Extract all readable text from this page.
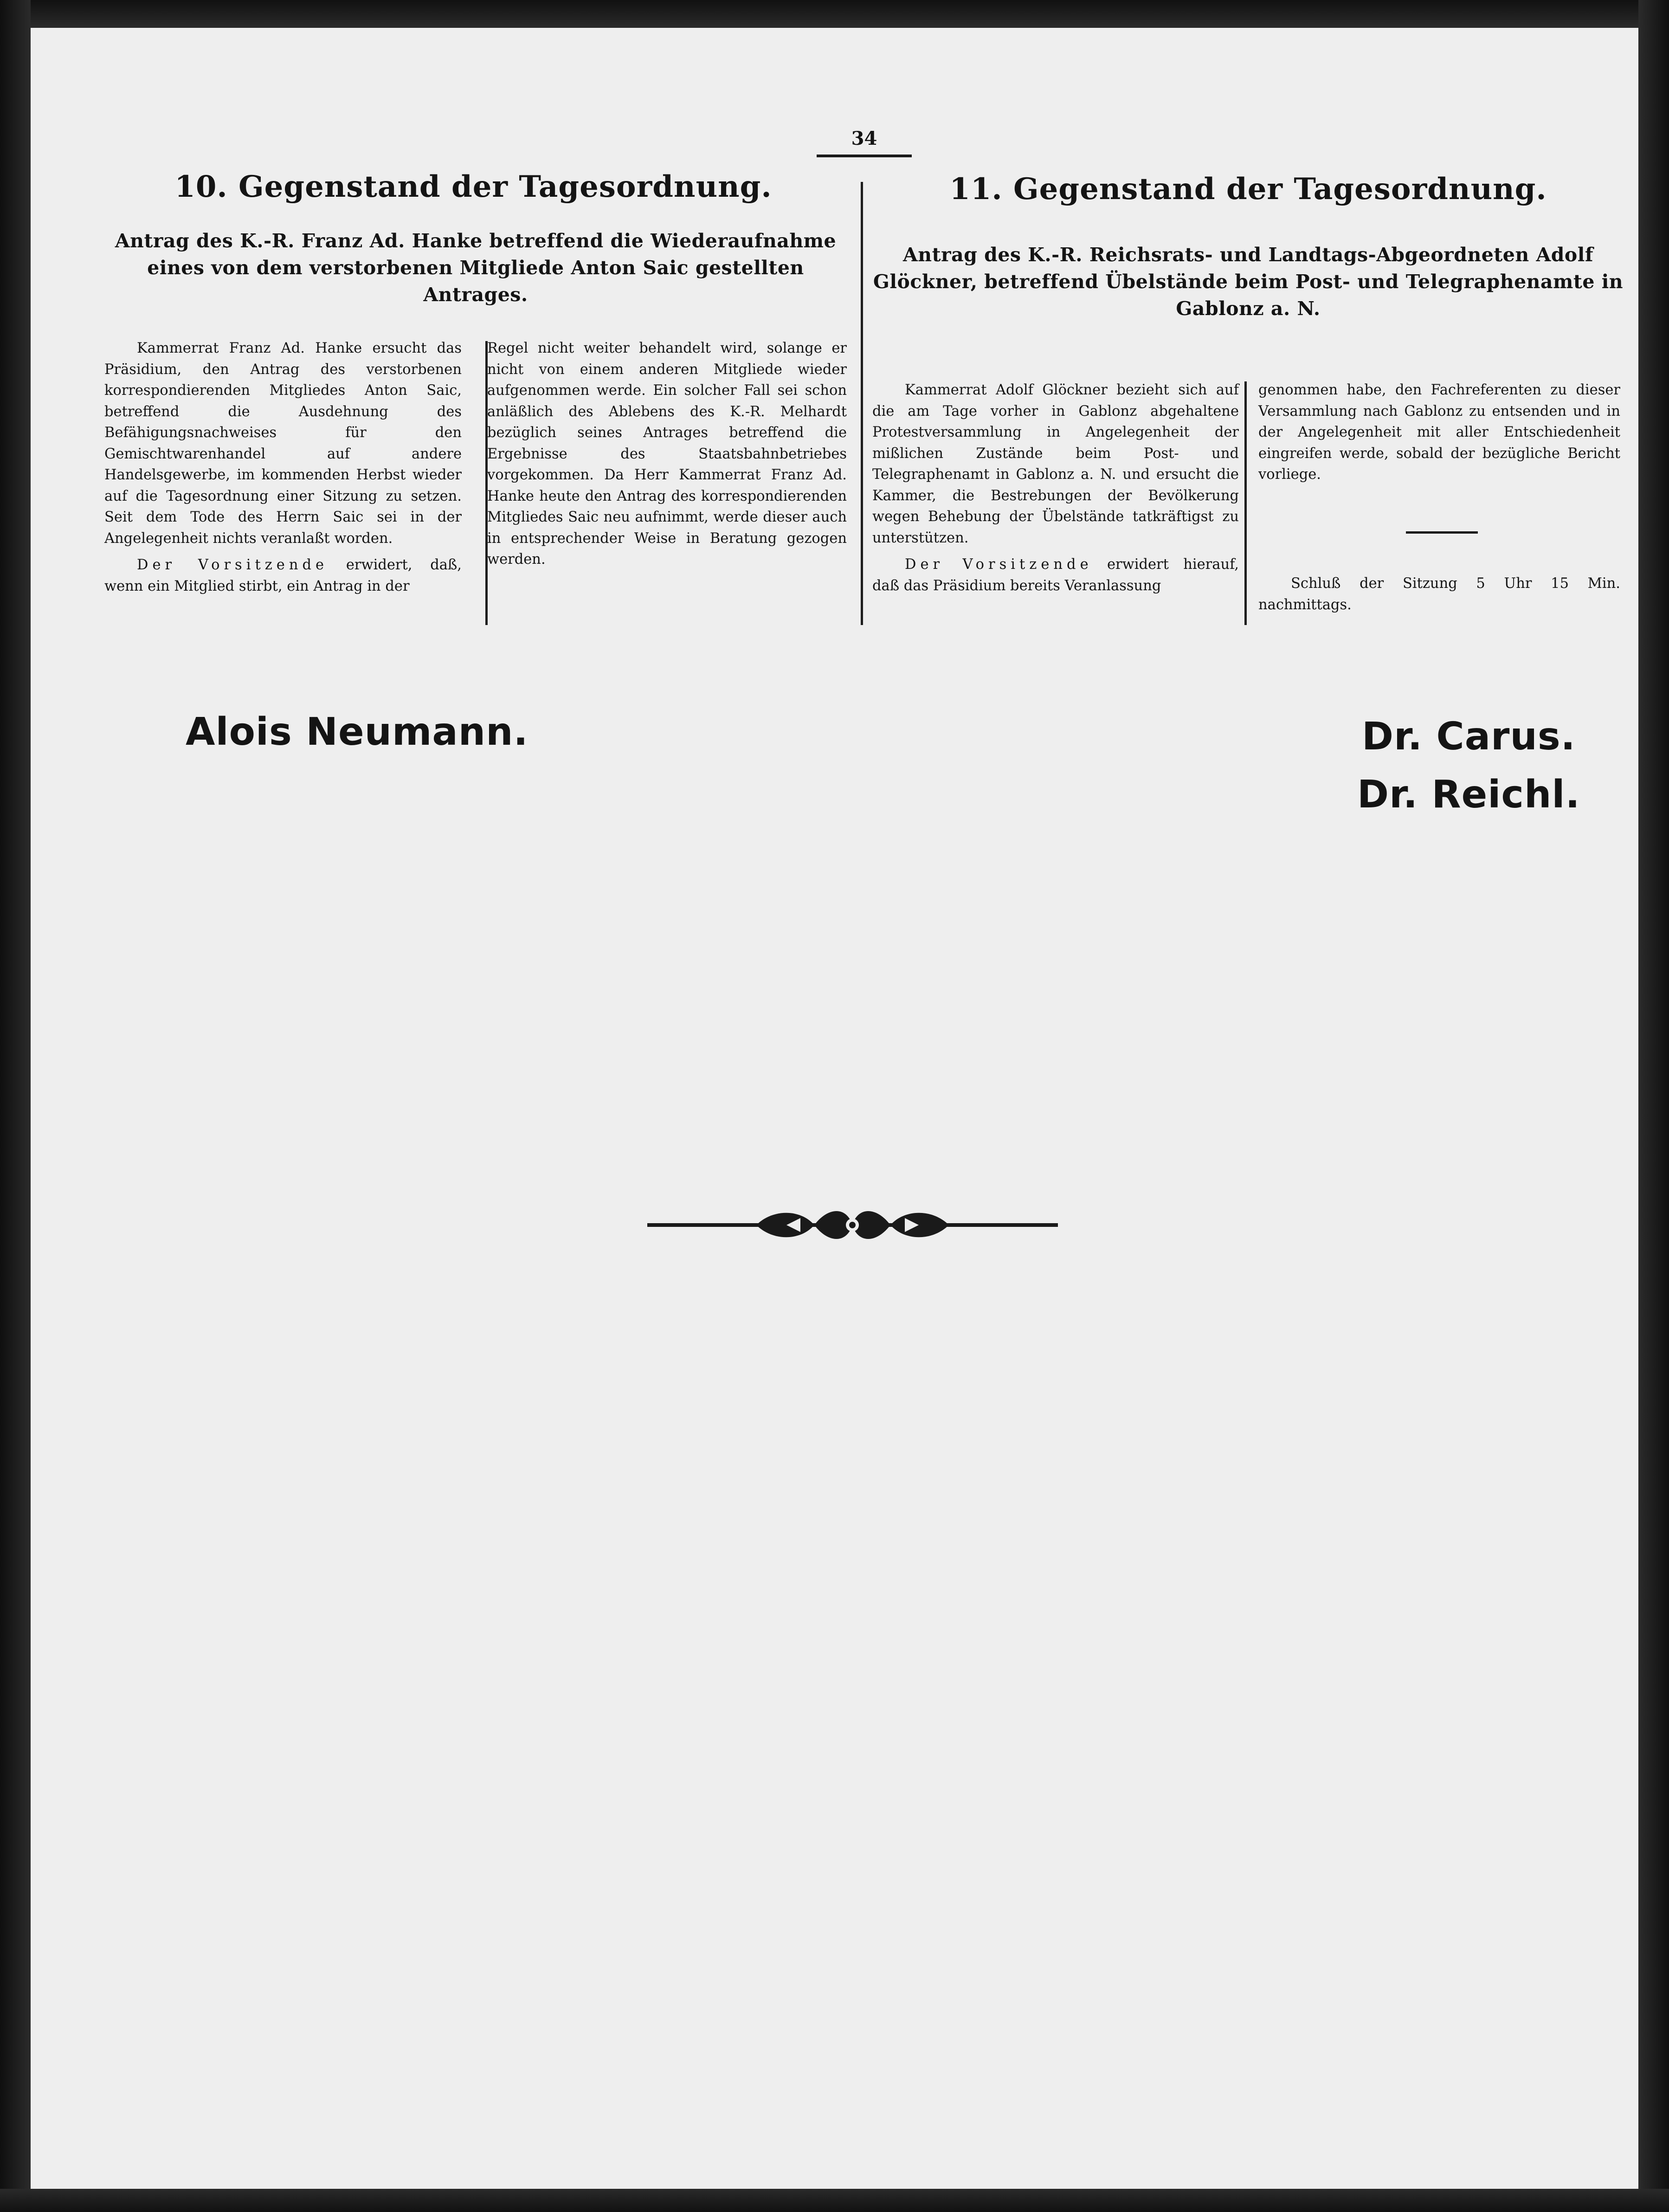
34
10. Gegenstand der Tagesordnung.
Antrag des K.-R. Franz Ad. Hanke betreffend die Wiederaufnahme eines von dem verstorbenen Mitgliede Anton Saic gestellten Antrages.

Kammerrat Franz Ad. Hanke ersucht das Präsidium, den Antrag des verstorbenen korrespondierenden Mitgliedes Anton Saic, betreffend die Ausdehnung des Befähigungsnachweises für den Gemischtwarenhandel auf andere Handelsgewerbe, im kommenden Herbst wieder auf die Tagesordnung einer Sitzung zu setzen. Seit dem Tode des Herrn Saic sei in der Angelegenheit nichts veranlaßt worden.

Der Vorsitzende erwidert, daß, wenn ein Mitglied stirbt, ein Antrag in der

Regel nicht weiter behandelt wird, solange er nicht von einem anderen Mitgliede wieder aufgenommen werde. Ein solcher Fall sei schon anläßlich des Ablebens des K.-R. Melhardt bezüglich seines Antrages betreffend die Ergebnisse des Staatsbahnbetriebes vorgekommen. Da Herr Kammerrat Franz Ad. Hanke heute den Antrag des korrespondierenden Mitgliedes Saic neu aufnimmt, werde dieser auch in entsprechender Weise in Beratung gezogen werden.

11. Gegenstand der Tagesordnung.
Antrag des K.-R. Reichsrats- und Landtags-Abgeordneten Adolf Glöckner, betreffend Übelstände beim Post- und Telegraphenamte in Gablonz a. N.

Kammerrat Adolf Glöckner bezieht sich auf die am Tage vorher in Gablonz abgehaltene Protestversammlung in Angelegenheit der mißlichen Zustände beim Post- und Telegraphenamt in Gablonz a. N. und ersucht die Kammer, die Bestrebungen der Bevölkerung wegen Behebung der Übelstände tatkräftigst zu unterstützen.

Der Vorsitzende erwidert hierauf, daß das Präsidium bereits Veranlassung

genommen habe, den Fachreferenten zu dieser Versammlung nach Gablonz zu entsenden und in der Angelegenheit mit aller Entschiedenheit eingreifen werde, sobald der bezügliche Bericht vorliege.

Schluß der Sitzung 5 Uhr 15 Min. nachmittags.

Alois Neumann.	Dr. Carus.
Dr. Reichl.
